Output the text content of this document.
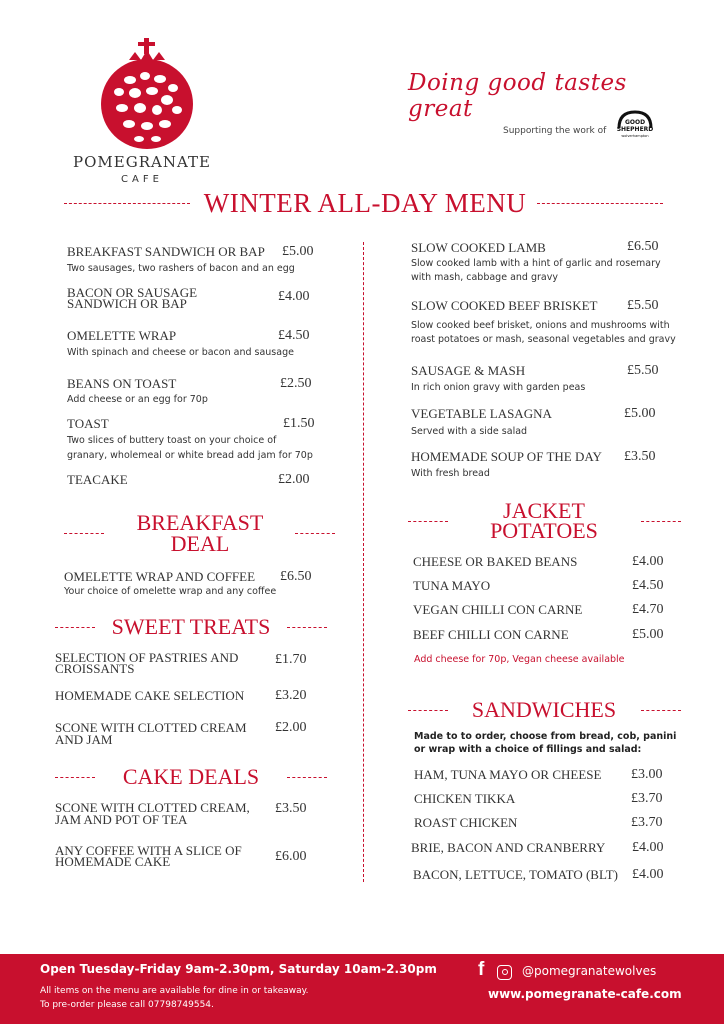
POMEGRANATE
CAFE
Doing good tastes great
Supporting the work of
GOOD
SHEPHERD
wolverhampton
WINTER ALL-DAY MENU
BREAKFAST SANDWICH OR BAP £5.00
Two sausages, two rashers of bacon and an egg
BACON OR SAUSAGE
SANDWICH OR BAP	£4.00
OMELETTE WRAP	£4.50
With spinach and cheese or bacon and sausage
BEANS ON TOAST	£2.50
Add cheese or an egg for 70p
TOAST	£1.50
Two slices of buttery toast on your choice of
granary, wholemeal or white bread add jam for 70p
TEACAKE	£2.00
BREAKFAST
DEAL
OMELETTE WRAP AND COFFEE £6.50
Your choice of omelette wrap and any coffee
SWEET TREATS
SELECTION OF PASTRIES AND
CROISSANTS
£1.70
HOMEMADE CAKE SELECTION £3.20
SCONE WITH CLOTTED CREAM
AND JAM
£2.00
CAKE DEALS
SCONE WITH CLOTTED CREAM,
JAM AND POT OF TEA
£3.50
ANY COFFEE WITH A SLICE OF
HOMEMADE CAKE	£6.00
SLOW COOKED LAMB	£6.50
Slow cooked lamb with a hint of garlic and rosemary
with mash, cabbage and gravy
SLOW COOKED BEEF BRISKET £5.50
Slow cooked beef brisket, onions and mushrooms with
roast potatoes or mash, seasonal vegetables and gravy
SAUSAGE & MASH	£5.50
In rich onion gravy with garden peas
VEGETABLE LASAGNA	£5.00
Served with a side salad
HOMEMADE SOUP OF THE DAY £3.50
With fresh bread
JACKET
POTATOES
CHEESE OR BAKED BEANS	£4.00
TUNA MAYO	£4.50
VEGAN CHILLI CON CARNE	£4.70
BEEF CHILLI CON CARNE	£5.00
Add cheese for 70p, Vegan cheese available
SANDWICHES
Made to to order, choose from bread, cob, panini
or wrap with a choice of fillings and salad:
HAM, TUNA MAYO OR CHEESE £3.00
CHICKEN TIKKA	£3.70
ROAST CHICKEN	£3.70
BRIE, BACON AND CRANBERRY £4.00
BACON, LETTUCE, TOMATO (BLT) £4.00
Open Tuesday-Friday 9am-2.30pm, Saturday 10am-2.30pm
All items on the menu are available for dine in or takeaway.
To pre-order please call 07798749554.
f	@pomegranatewolves
www.pomegranate-cafe.com
